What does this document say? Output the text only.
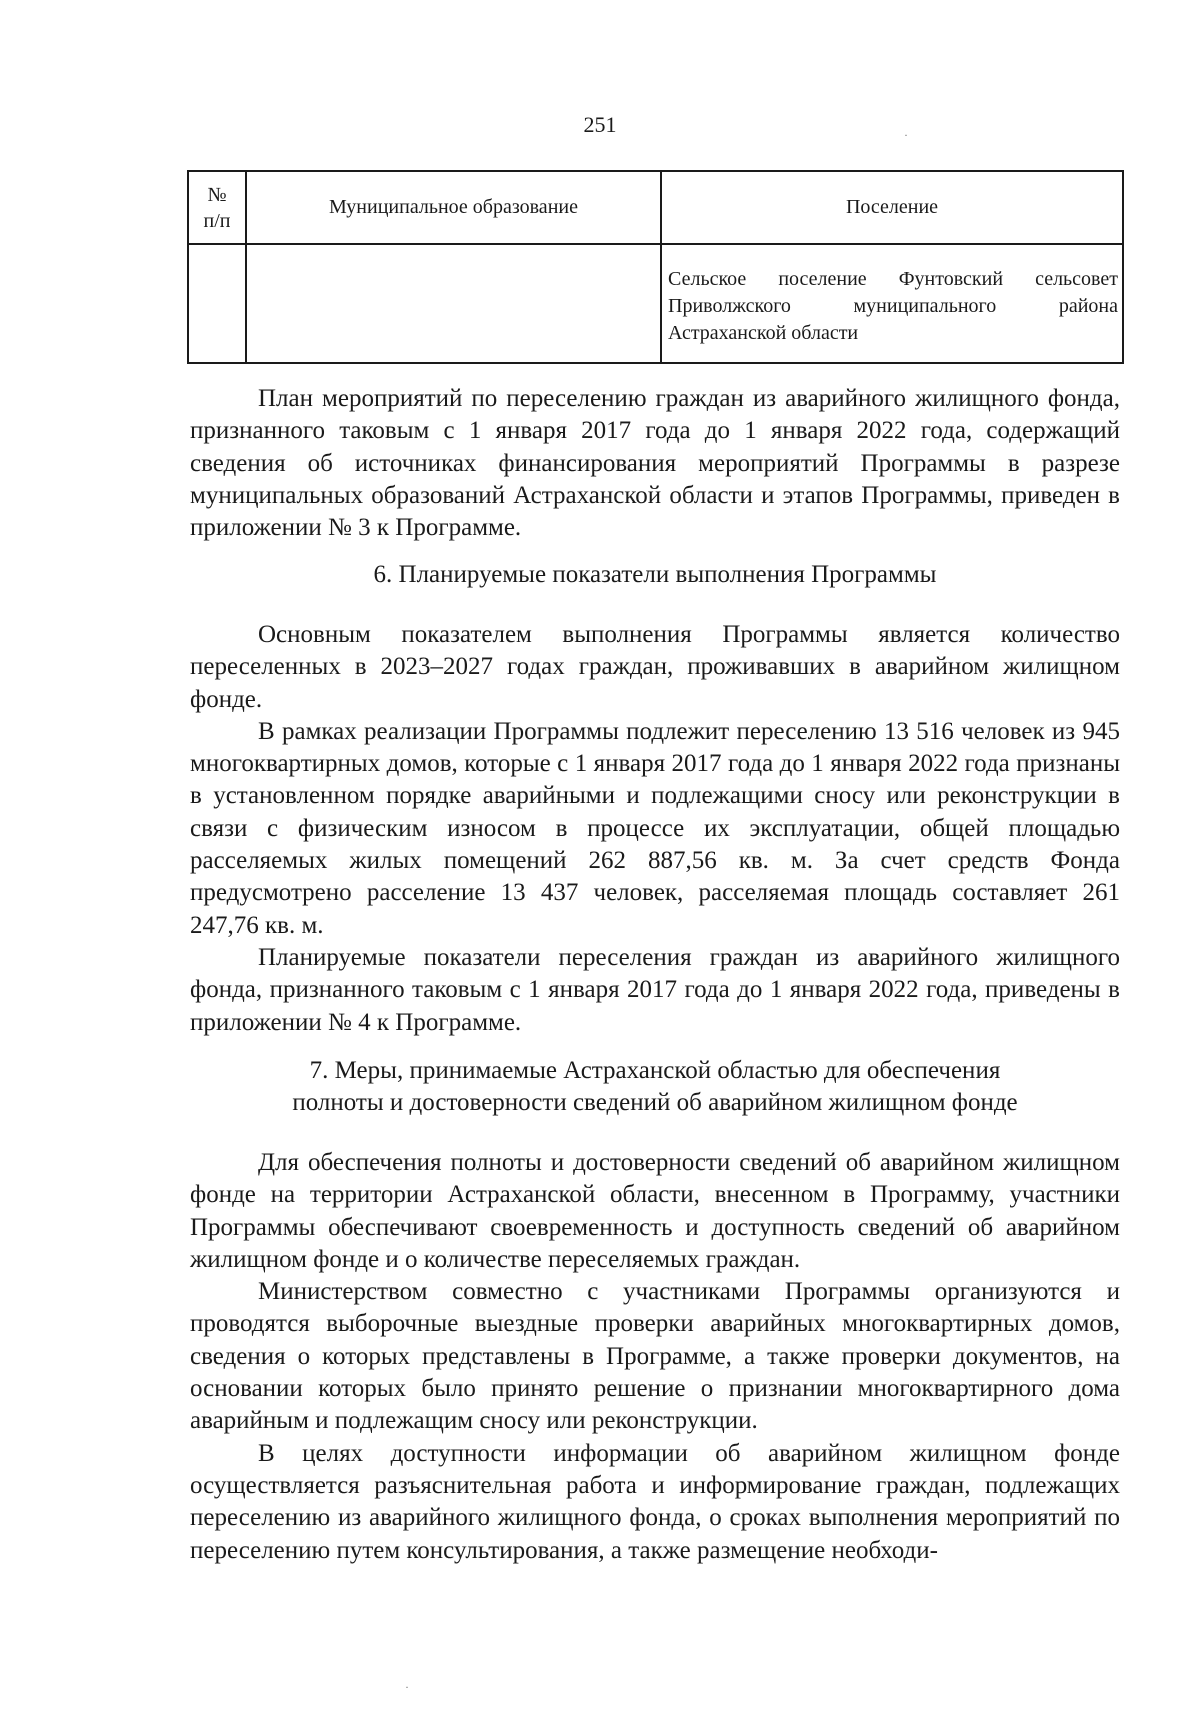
251	·
№
п/п	Муниципальное образование	Поселение
		Сельское поселение Фунтовский сельсовет Приволжского муниципального района Астраханской области

План мероприятий по переселению граждан из аварийного жилищного фонда, признанного таковым с 1 января 2017 года до 1 января 2022 года, содержащий сведения об источниках финансирования мероприятий Программы в разрезе муниципальных образований Астраханской области и этапов Программы, приведен в приложении № 3 к Программе.

6. Планируемые показатели выполнения Программы

Основным показателем выполнения Программы является количество переселенных в 2023–2027 годах граждан, проживавших в аварийном жилищном фонде.

В рамках реализации Программы подлежит переселению 13 516 человек из 945 многоквартирных домов, которые с 1 января 2017 года до 1 января 2022 года признаны в установленном порядке аварийными и подлежащими сносу или реконструкции в связи с физическим износом в процессе их эксплуатации, общей площадью расселяемых жилых помещений 262 887,56 кв. м. За счет средств Фонда предусмотрено расселение 13 437 человек, расселяемая площадь составляет 261 247,76 кв. м.

Планируемые показатели переселения граждан из аварийного жилищного фонда, признанного таковым с 1 января 2017 года до 1 января 2022 года, приведены в приложении № 4 к Программе.

7. Меры, принимаемые Астраханской областью для обеспечения
полноты и достоверности сведений об аварийном жилищном фонде

Для обеспечения полноты и достоверности сведений об аварийном жилищном фонде на территории Астраханской области, внесенном в Программу, участники Программы обеспечивают своевременность и доступность сведений об аварийном жилищном фонде и о количестве переселяемых граждан.

Министерством совместно с участниками Программы организуются и проводятся выборочные выездные проверки аварийных многоквартирных домов, сведения о которых представлены в Программе, а также проверки документов, на основании которых было принято решение о признании многоквартирного дома аварийным и подлежащим сносу или реконструкции.

В целях доступности информации об аварийном жилищном фонде осуществляется разъяснительная работа и информирование граждан, подлежащих переселению из аварийного жилищного фонда, о сроках выполнения мероприятий по переселению путем консультирования, а также размещение необходи-

·
